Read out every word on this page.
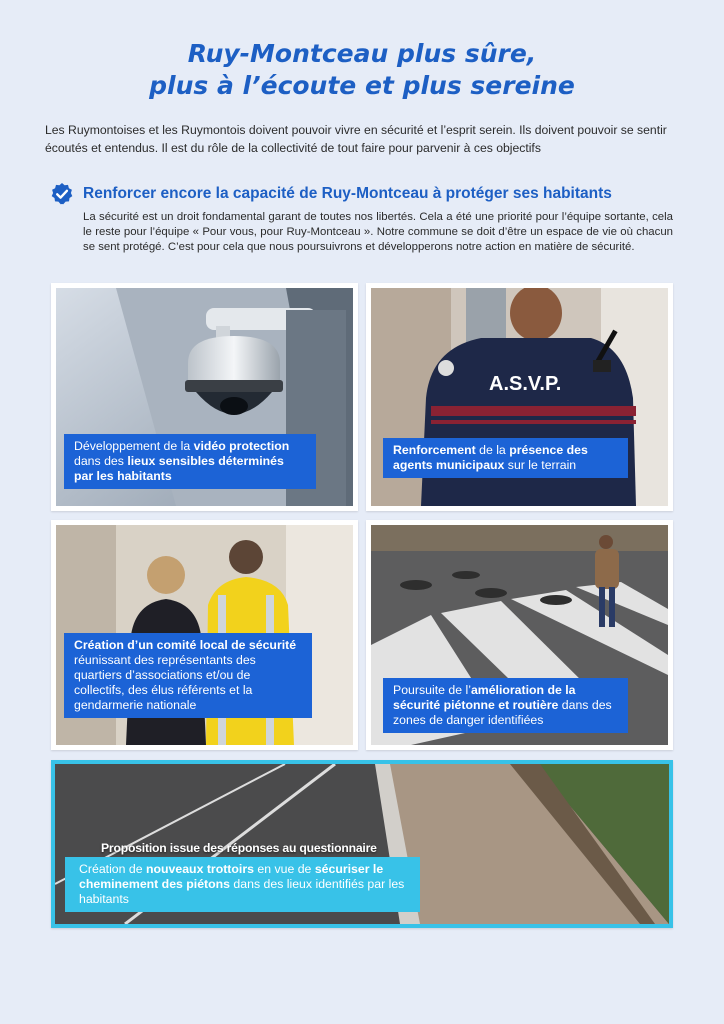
Ruy-Montceau plus sûre,
plus à l’écoute et plus sereine

Les Ruymontoises et les Ruymontois doivent pouvoir vivre en sécurité et l’esprit serein. Ils doivent pouvoir se sentir écoutés et entendus. Il est du rôle de la collectivité de tout faire pour parvenir à ces objectifs

Renforcer encore la capacité de Ruy-Montceau à protéger ses habitants

La sécurité est un droit fondamental garant de toutes nos libertés. Cela a été une priorité pour l’équipe sortante, cela le reste pour l’équipe « Pour vous, pour Ruy-Montceau ». Notre commune se doit d’être un espace de vie où chacun se sent protégé. C’est pour cela que nous poursuivrons et développerons notre action en matière de sécurité.

Développement de la vidéo protection dans des lieux sensibles déterminés par les habitants
A.S.V.P.
Renforcement de la présence des agents municipaux sur le terrain
Création d’un comité local de sécurité réunissant des représentants des quartiers d’associations et/ou de collectifs, des élus référents et la gendarmerie nationale
Poursuite de l’amélioration de la sécurité piétonne et routière dans des zones de danger identifiées
Proposition issue des réponses au questionnaire
Création de nouveaux trottoirs en vue de sécuriser le cheminement des piétons dans des lieux identifiés par les habitants
